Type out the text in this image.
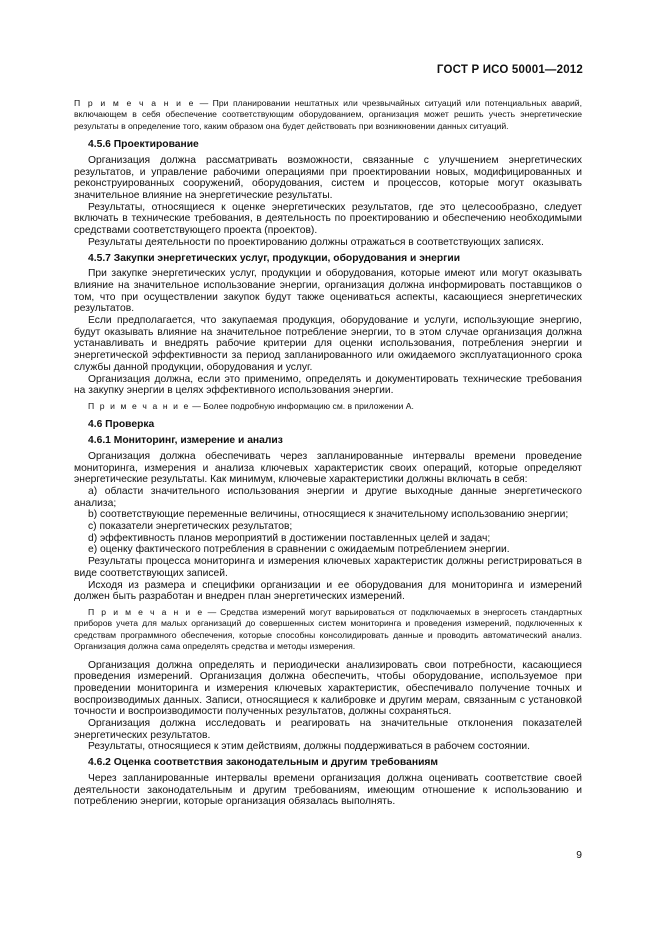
ГОСТ Р ИСО 50001—2012

П р и м е ч а н и е — При планировании нештатных или чрезвычайных ситуаций или потенциальных аварий, включающем в себя обеспечение соответствующим оборудованием, организация может решить учесть энергетические результаты в определение того, каким образом она будет действовать при возникновении данных ситуаций.

4.5.6 Проектирование

Организация должна рассматривать возможности, связанные с улучшением энергетических результатов, и управление рабочими операциями при проектировании новых, модифицированных и реконструированных сооружений, оборудования, систем и процессов, которые могут оказывать значительное влияние на энергетические результаты.

Результаты, относящиеся к оценке энергетических результатов, где это целесообразно, следует включать в технические требования, в деятельность по проектированию и обеспечению необходимыми средствами соответствующего проекта (проектов).

Результаты деятельности по проектированию должны отражаться в соответствующих записях.

4.5.7 Закупки энергетических услуг, продукции, оборудования и энергии

При закупке энергетических услуг, продукции и оборудования, которые имеют или могут оказывать влияние на значительное использование энергии, организация должна информировать поставщиков о том, что при осуществлении закупок будут также оцениваться аспекты, касающиеся энергетических результатов.

Если предполагается, что закупаемая продукция, оборудование и услуги, использующие энергию, будут оказывать влияние на значительное потребление энергии, то в этом случае организация должна устанавливать и внедрять рабочие критерии для оценки использования, потребления энергии и энергетической эффективности за период запланированного или ожидаемого эксплуатационного срока службы данной продукции, оборудования и услуг.

Организация должна, если это применимо, определять и документировать технические требования на закупку энергии в целях эффективного использования энергии.

П р и м е ч а н и е — Более подробную информацию см. в приложении А.

4.6 Проверка

4.6.1 Мониторинг, измерение и анализ

Организация должна обеспечивать через запланированные интервалы времени проведение мониторинга, измерения и анализа ключевых характеристик своих операций, которые определяют энергетические результаты. Как минимум, ключевые характеристики должны включать в себя:

а) области значительного использования энергии и другие выходные данные энергетического анализа;

b) соответствующие переменные величины, относящиеся к значительному использованию энергии;

c) показатели энергетических результатов;

d) эффективность планов мероприятий в достижении поставленных целей и задач;

e) оценку фактического потребления в сравнении с ожидаемым потреблением энергии.

Результаты процесса мониторинга и измерения ключевых характеристик должны регистрироваться в виде соответствующих записей.

Исходя из размера и специфики организации и ее оборудования для мониторинга и измерений должен быть разработан и внедрен план энергетических измерений.

П р и м е ч а н и е — Средства измерений могут варьироваться от подключаемых в энергосеть стандартных приборов учета для малых организаций до совершенных систем мониторинга и проведения измерений, подключенных к средствам программного обеспечения, которые способны консолидировать данные и проводить автоматический анализ. Организация должна сама определять средства и методы измерения.

Организация должна определять и периодически анализировать свои потребности, касающиеся проведения измерений. Организация должна обеспечить, чтобы оборудование, используемое при проведении мониторинга и измерения ключевых характеристик, обеспечивало получение точных и воспроизводимых данных. Записи, относящиеся к калибровке и другим мерам, связанным с установкой точности и воспроизводимости полученных результатов, должны сохраняться.

Организация должна исследовать и реагировать на значительные отклонения показателей энергетических результатов.

Результаты, относящиеся к этим действиям, должны поддерживаться в рабочем состоянии.

4.6.2 Оценка соответствия законодательным и другим требованиям

Через запланированные интервалы времени организация должна оценивать соответствие своей деятельности законодательным и другим требованиям, имеющим отношение к использованию и потреблению энергии, которые организация обязалась выполнять.

9
